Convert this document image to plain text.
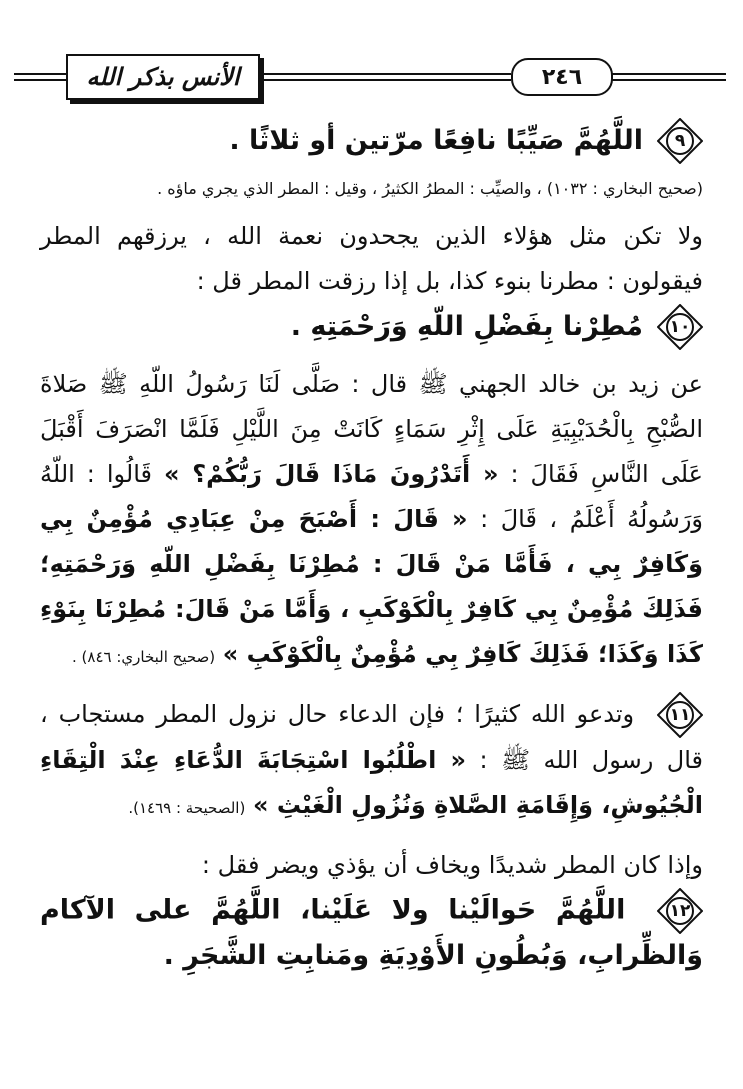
الأنس بذكر الله	٢٤٦
٩

اللَّهُمَّ صَيِّبًا نافِعًا مرّتين أو ثلاثًا .

(صحيح البخاري : ١٠٣٢) ، والصيِّب : المطرُ الكثيرُ ، وقيل : المطر الذي يجري ماؤه .

ولا تكن مثل هؤلاء الذين يجحدون نعمة الله ، يرزقهم المطر فيقولون : مطرنا بنوء كذا، بل إذا رزقت المطر قل :

١٠

مُطِرْنا بِفَضْلِ اللّهِ وَرَحْمَتِهِ .

عن زيد بن خالد الجهني ﷺ قال : صَلَّى لَنَا رَسُولُ اللّهِ ﷺ صَلاةَ الصُّبْحِ بِالْحُدَيْبِيَةِ عَلَى إِثْرِ سَمَاءٍ كَانَتْ مِنَ اللَّيْلِ فَلَمَّا انْصَرَفَ أَقْبَلَ عَلَى النَّاسِ فَقَالَ : « أَتَدْرُونَ مَاذَا قَالَ رَبُّكُمْ؟ » قَالُوا : اللّهُ وَرَسُولُهُ أَعْلَمُ ، قَالَ : « قَالَ : أَصْبَحَ مِنْ عِبَادِي مُؤْمِنٌ بِي وَكَافِرٌ بِي ، فَأَمَّا مَنْ قَالَ : مُطِرْنَا بِفَضْلِ اللّهِ وَرَحْمَتِهِ؛ فَذَلِكَ مُؤْمِنٌ بِي كَافِرٌ بِالْكَوْكَبِ ، وَأَمَّا مَنْ قَالَ: مُطِرْنَا بِنَوْءِ كَذَا وَكَذَا؛ فَذَلِكَ كَافِرٌ بِي مُؤْمِنٌ بِالْكَوْكَبِ » (صحيح البخاري: ٨٤٦) .

١١
وتدعو الله كثيرًا ؛ فإن الدعاء حال نزول المطر مستجاب ، قال رسول الله ﷺ : « اطْلُبُوا اسْتِجَابَةَ الدُّعَاءِ عِنْدَ الْتِقَاءِ الْجُيُوشِ، وَإِقَامَةِ الصَّلاةِ وَنُزُولِ الْغَيْثِ » (الصحيحة : ١٤٦٩).

وإذا كان المطر شديدًا ويخاف أن يؤذي ويضر فقل :

١٢
اللَّهُمَّ حَوالَيْنا ولا عَلَيْنا، اللَّهُمَّ على الآكام وَالظِّرابِ، وَبُطُونِ الأَوْدِيَةِ ومَنابِتِ الشَّجَرِ .
